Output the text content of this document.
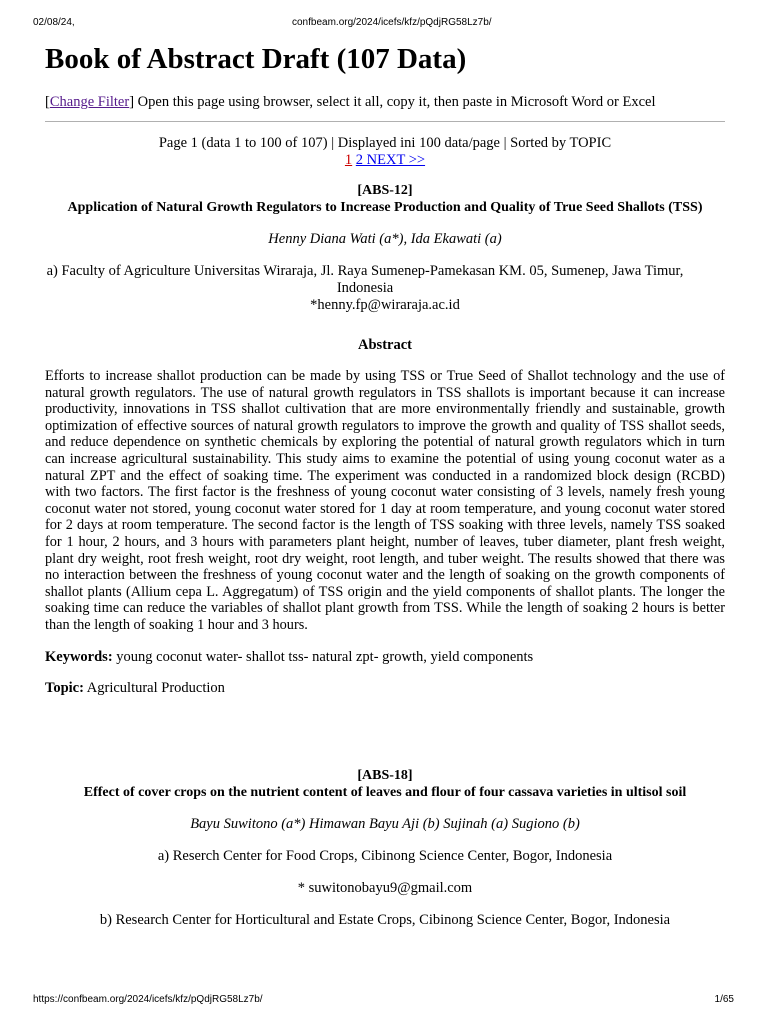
02/08/24,	confbeam.org/2024/icefs/kfz/pQdjRG58Lz7b/
Book of Abstract Draft (107 Data)
[Change Filter] Open this page using browser, select it all, copy it, then paste in Microsoft Word or Excel
Page 1 (data 1 to 100 of 107) | Displayed ini 100 data/page | Sorted by TOPIC
1 2 NEXT >>
[ABS-12]
Application of Natural Growth Regulators to Increase Production and Quality of True Seed Shallots (TSS)
Henny Diana Wati (a*), Ida Ekawati (a)
a) Faculty of Agriculture Universitas Wiraraja, Jl. Raya Sumenep-Pamekasan KM. 05, Sumenep, Jawa Timur, Indonesia
*henny.fp@wiraraja.ac.id
Abstract

Efforts to increase shallot production can be made by using TSS or True Seed of Shallot technology and the use of natural growth regulators. The use of natural growth regulators in TSS shallots is important because it can increase productivity, innovations in TSS shallot cultivation that are more environmentally friendly and sustainable, growth optimization of effective sources of natural growth regulators to improve the growth and quality of TSS shallot seeds, and reduce dependence on synthetic chemicals by exploring the potential of natural growth regulators which in turn can increase agricultural sustainability. This study aims to examine the potential of using young coconut water as a natural ZPT and the effect of soaking time. The experiment was conducted in a randomized block design (RCBD) with two factors. The first factor is the freshness of young coconut water consisting of 3 levels, namely fresh young coconut water not stored, young coconut water stored for 1 day at room temperature, and young coconut water stored for 2 days at room temperature. The second factor is the length of TSS soaking with three levels, namely TSS soaked for 1 hour, 2 hours, and 3 hours with parameters plant height, number of leaves, tuber diameter, plant fresh weight, plant dry weight, root fresh weight, root dry weight, root length, and tuber weight. The results showed that there was no interaction between the freshness of young coconut water and the length of soaking on the growth components of shallot plants (Allium cepa L. Aggregatum) of TSS origin and the yield components of shallot plants. The longer the soaking time can reduce the variables of shallot plant growth from TSS. While the length of soaking 2 hours is better than the length of soaking 1 hour and 3 hours.

Keywords: young coconut water- shallot tss- natural zpt- growth, yield components
Topic: Agricultural Production
[ABS-18]
Effect of cover crops on the nutrient content of leaves and flour of four cassava varieties in ultisol soil
Bayu Suwitono (a*) Himawan Bayu Aji (b) Sujinah (a) Sugiono (b)
a) Reserch Center for Food Crops, Cibinong Science Center, Bogor, Indonesia
* suwitonobayu9@gmail.com
b) Research Center for Horticultural and Estate Crops, Cibinong Science Center, Bogor, Indonesia
https://confbeam.org/2024/icefs/kfz/pQdjRG58Lz7b/	1/65
